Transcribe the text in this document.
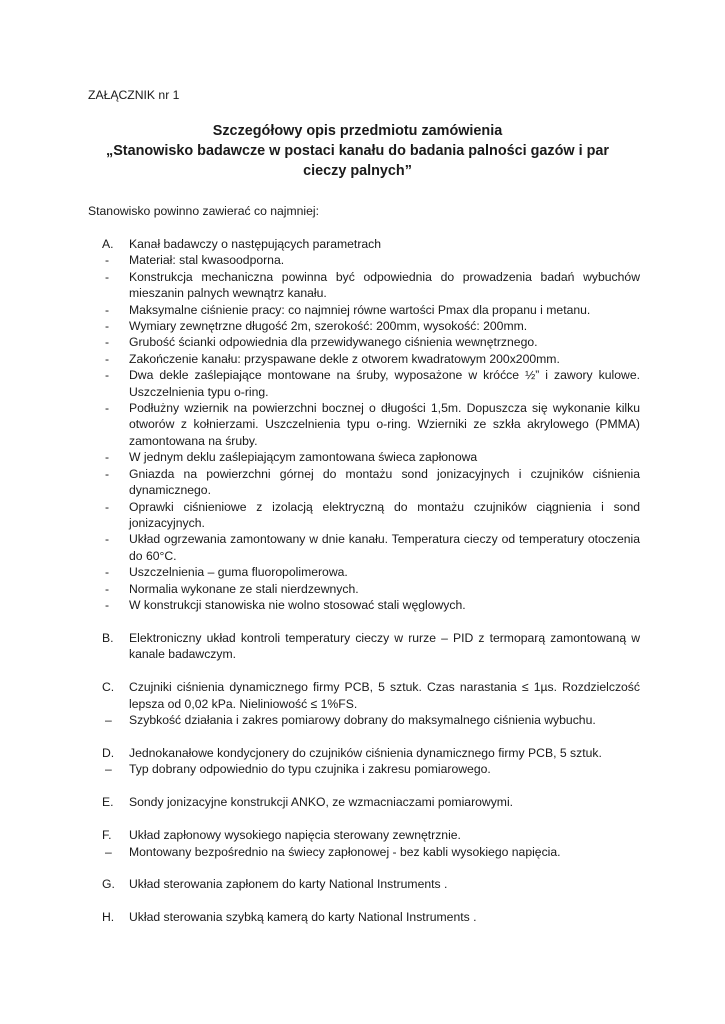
ZAŁĄCZNIK nr 1
Szczegółowy opis przedmiotu zamówienia
„Stanowisko badawcze w postaci kanału do badania palności gazów i par
cieczy palnych”
Stanowisko powinno zawierać co najmniej:
A. Kanał badawczy o następujących parametrach
- Materiał: stal kwasoodporna.
- Konstrukcja mechaniczna powinna być odpowiednia do prowadzenia badań wybuchów mieszanin palnych wewnątrz kanału.
- Maksymalne ciśnienie pracy: co najmniej równe wartości Pmax dla propanu i metanu.
- Wymiary zewnętrzne długość 2m, szerokość: 200mm, wysokość: 200mm.
- Grubość ścianki odpowiednia dla przewidywanego ciśnienia wewnętrznego.
- Zakończenie kanału: przyspawane dekle z otworem kwadratowym 200x200mm.
- Dwa dekle zaślepiające montowane na śruby, wyposażone w króćce ½” i zawory kulowe. Uszczelnienia typu o-ring.
- Podłużny wziernik na powierzchni bocznej o długości 1,5m. Dopuszcza się wykonanie kilku otworów z kołnierzami. Uszczelnienia typu o-ring. Wzierniki ze szkła akrylowego (PMMA) zamontowana na śruby.
- W jednym deklu zaślepiającym zamontowana świeca zapłonowa
- Gniazda na powierzchni górnej do montażu sond jonizacyjnych i czujników ciśnienia dynamicznego.
- Oprawki ciśnieniowe z izolacją elektryczną do montażu czujników ciągnienia i sond jonizacyjnych.
- Układ ogrzewania zamontowany w dnie kanału. Temperatura cieczy od temperatury otoczenia do 60°C.
- Uszczelnienia – guma fluoropolimerowa.
- Normalia wykonane ze stali nierdzewnych.
- W konstrukcji stanowiska nie wolno stosować stali węglowych.
B. Elektroniczny układ kontroli temperatury cieczy w rurze – PID z termoparą zamontowaną w kanale badawczym.
C. Czujniki ciśnienia dynamicznego firmy PCB, 5 sztuk. Czas narastania ≤ 1µs. Rozdzielczość lepsza od 0,02 kPa. Nieliniowość ≤ 1%FS.
– Szybkość działania i zakres pomiarowy dobrany do maksymalnego ciśnienia wybuchu.
D. Jednokanałowe kondycjonery do czujników ciśnienia dynamicznego firmy PCB, 5 sztuk.
– Typ dobrany odpowiednio do typu czujnika i zakresu pomiarowego.
E. Sondy jonizacyjne konstrukcji ANKO, ze wzmacniaczami pomiarowymi.
F. Układ zapłonowy wysokiego napięcia sterowany zewnętrznie.
– Montowany bezpośrednio na świecy zapłonowej - bez kabli wysokiego napięcia.
G. Układ sterowania zapłonem do karty National Instruments .
H. Układ sterowania szybką kamerą do karty National Instruments .
